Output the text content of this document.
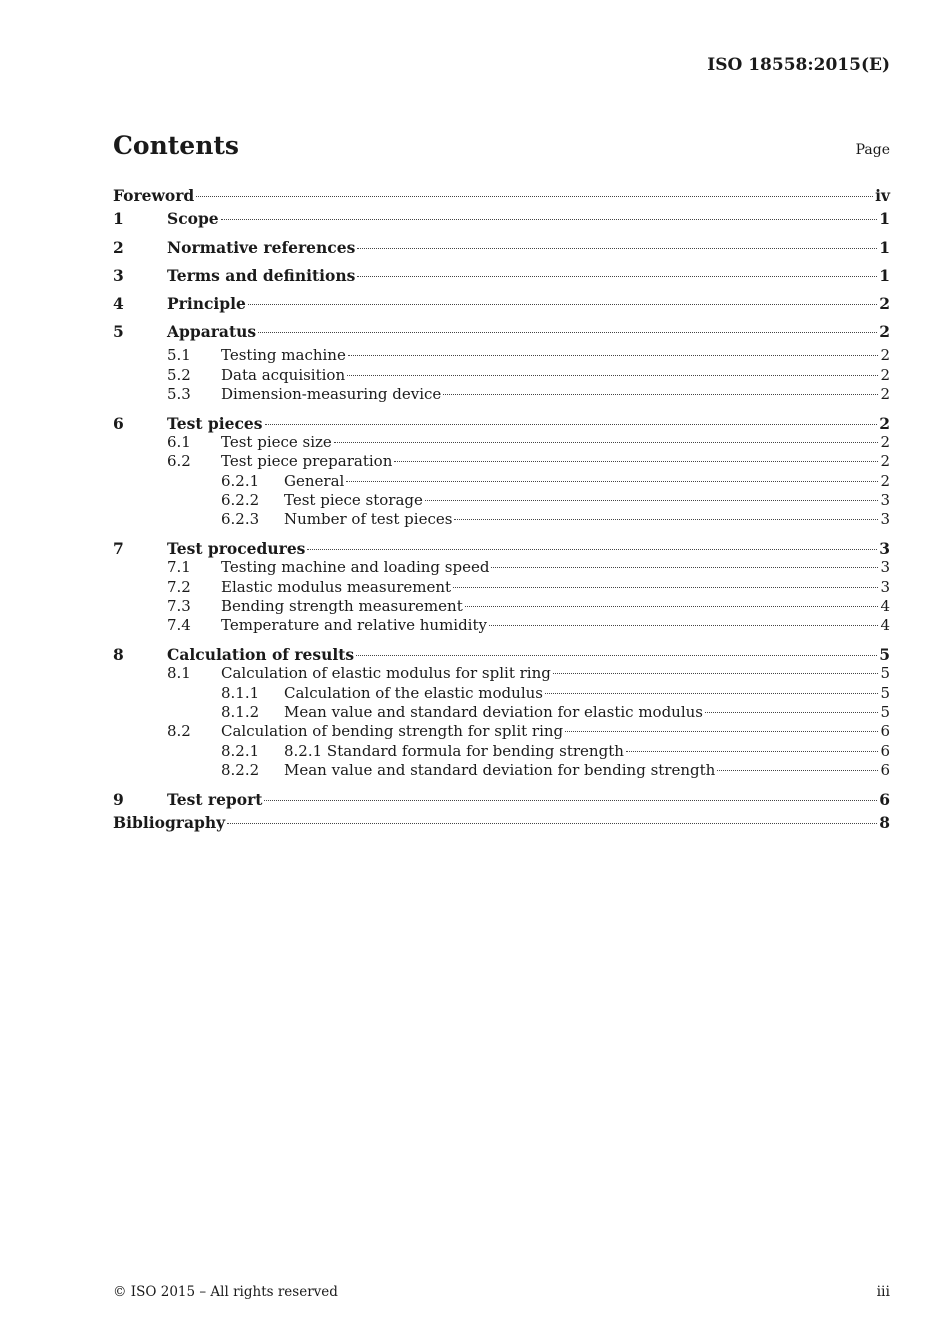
ISO 18558:2015(E)
Contents	Page
Foreword	iv
1	Scope	1
2	Normative references	1
3	Terms and definitions	1
4	Principle	2
5	Apparatus	2
5.1	Testing machine	2
5.2	Data acquisition	2
5.3	Dimension-measuring device	2
6	Test pieces	2
6.1	Test piece size	2
6.2	Test piece preparation	2
6.2.1	General	2
6.2.2	Test piece storage	3
6.2.3	Number of test pieces	3
7	Test procedures	3
7.1	Testing machine and loading speed	3
7.2	Elastic modulus measurement	3
7.3	Bending strength measurement	4
7.4	Temperature and relative humidity	4
8	Calculation of results	5
8.1	Calculation of elastic modulus for split ring	5
8.1.1	Calculation of the elastic modulus	5
8.1.2	Mean value and standard deviation for elastic modulus	5
8.2	Calculation of bending strength for split ring	6
8.2.1	8.2.1 Standard formula for bending strength	6
8.2.2	Mean value and standard deviation for bending strength	6
9	Test report	6
Bibliography	8
© ISO 2015 – All rights reserved	iii
